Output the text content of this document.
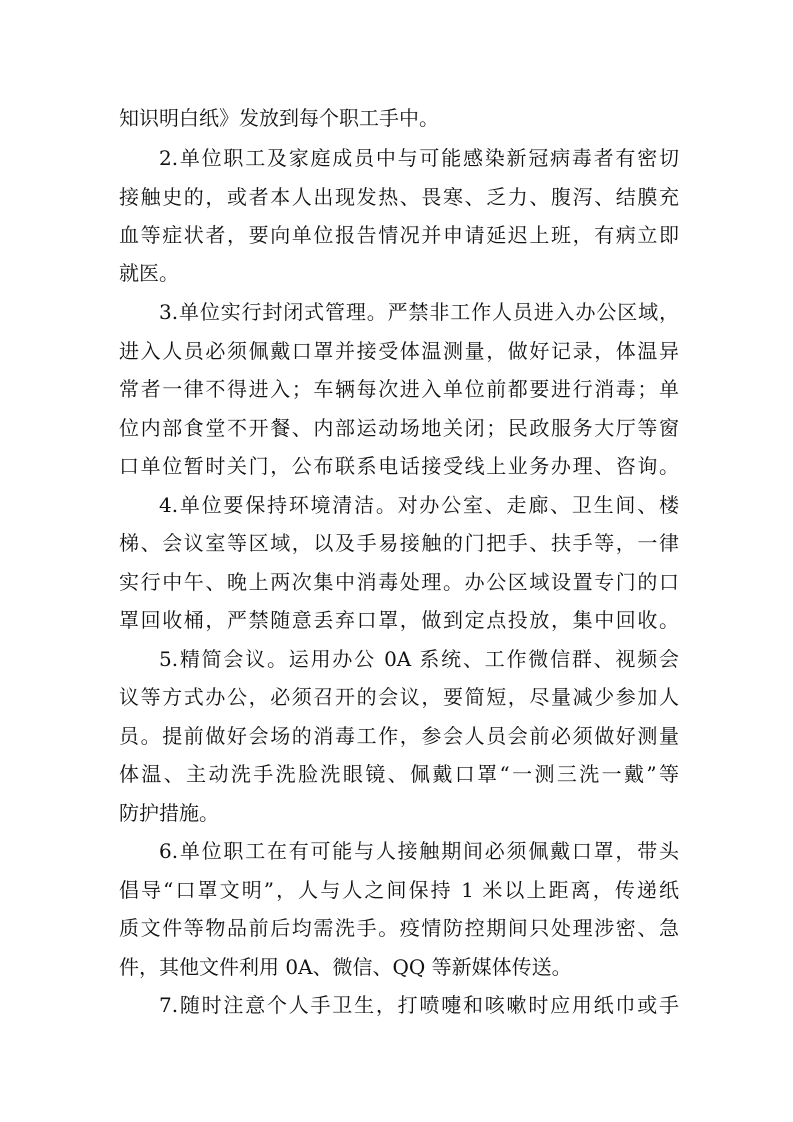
知识明白纸》发放到每个职工手中。
2.单位职工及家庭成员中与可能感染新冠病毒者有密切
接触史的，或者本人出现发热、畏寒、乏力、腹泻、结膜充
血等症状者，要向单位报告情况并申请延迟上班，有病立即
就医。
3.单位实行封闭式管理。严禁非工作人员进入办公区域，
进入人员必须佩戴口罩并接受体温测量，做好记录，体温异
常者一律不得进入；车辆每次进入单位前都要进行消毒；单
位内部食堂不开餐、内部运动场地关闭；民政服务大厅等窗
口单位暂时关门，公布联系电话接受线上业务办理、咨询。
4.单位要保持环境清洁。对办公室、走廊、卫生间、楼
梯、会议室等区域，以及手易接触的门把手、扶手等，一律
实行中午、晚上两次集中消毒处理。办公区域设置专门的口
罩回收桶，严禁随意丢弃口罩，做到定点投放，集中回收。
5.精简会议。运用办公 0A 系统、工作微信群、视频会
议等方式办公，必须召开的会议，要简短，尽量减少参加人
员。提前做好会场的消毒工作，参会人员会前必须做好测量
体温、主动洗手洗脸洗眼镜、佩戴口罩“一测三洗一戴”等
防护措施。
6.单位职工在有可能与人接触期间必须佩戴口罩，带头
倡导“口罩文明”，人与人之间保持 1 米以上距离，传递纸
质文件等物品前后均需洗手。疫情防控期间只处理涉密、急
件，其他文件利用 0A、微信、QQ 等新媒体传送。
7.随时注意个人手卫生，打喷嚏和咳嗽时应用纸巾或手
